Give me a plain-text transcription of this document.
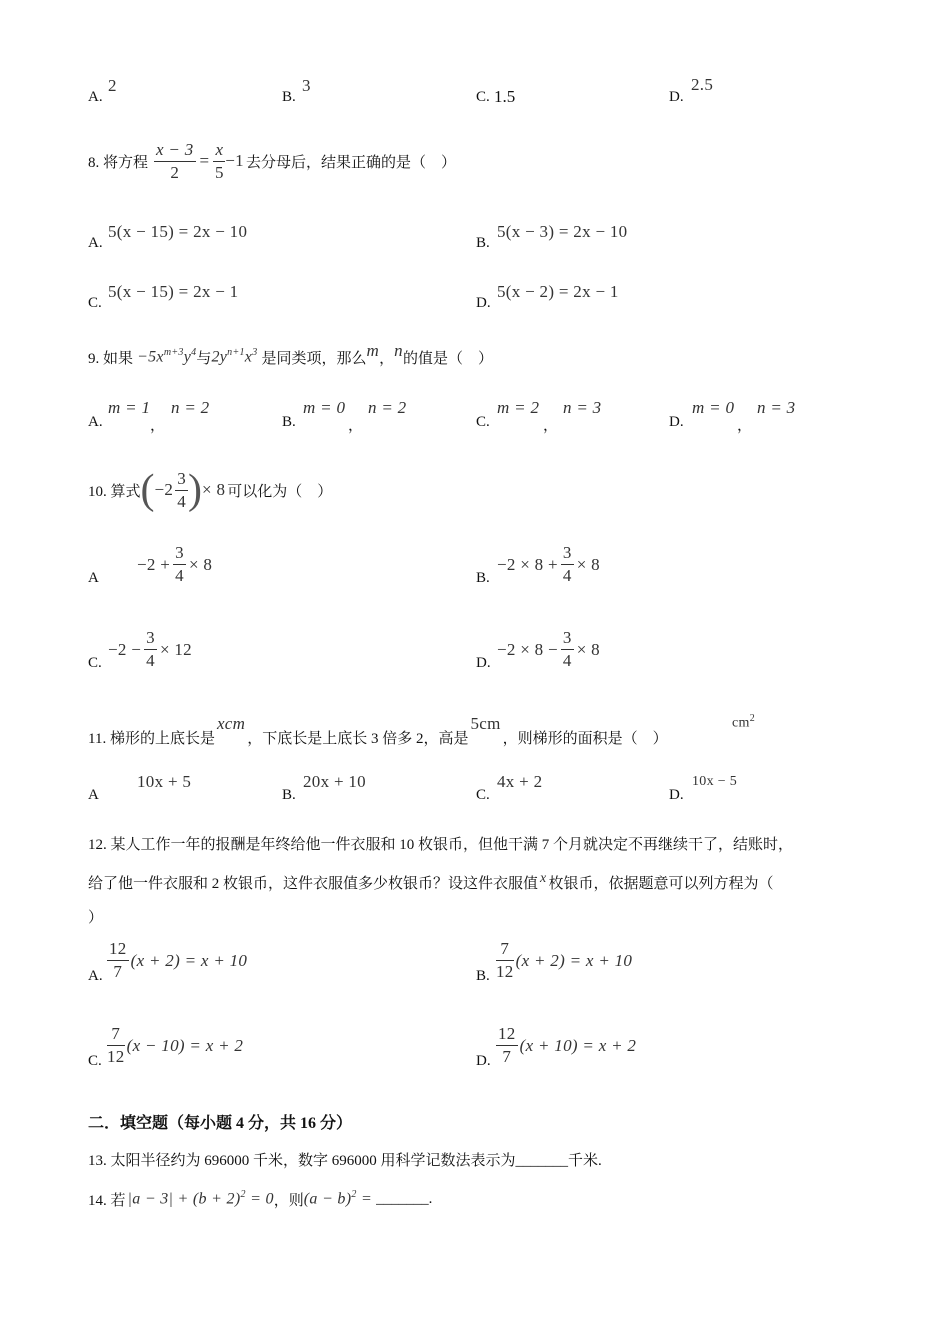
A.
2
B.
3
C. 1.5	D.
2.5
8. 将方程 $\frac{x - 3}{2} = \frac{x}{5} -1$ 去分母后，结果正确的是（　）
A.
5(x − 15) = 2x − 10
B.
5(x − 3) = 2x − 10
C.
5(x − 15) = 2x − 1
D.
5(x − 2) = 2x − 1
9. 如果 $-5x^{m+3}y^4$ 与 $2y^{n+1}x^3$ 是同类项，那么 m ， n 的值是（　）
A.
m = 1
，
n = 2
B.
m = 0
，
n = 2
C.
m = 2
，
n = 3
D.
m = 0
，
n = 3
10. 算式 ( $-2 \frac{3}{4}$ ) × 8 可以化为（　）
A
$-2 + \frac{3}{4} \times 8$
B.
$-2 \times 8 + \frac{3}{4} \times 8$
C.
$-2 - \frac{3}{4} \times 12$
D.
$-2 \times 8 - \frac{3}{4} \times 8$
11. 梯形的上底长是
xcm
，下底长是上底长 3 倍多 2，高是
5cm
，则梯形的面积是（　）
$cm^2$
A
10x + 5
B.
20x + 10
C.
4x + 2
D.
10x − 5
12. 某人工作一年的报酬是年终给他一件衣服和 10 枚银币，但他干满 7 个月就决定不再继续干了，结账时，
给了他一件衣服和 2 枚银币，这件衣服值多少枚银币？设这件衣服值 x 枚银币，依据题意可以列方程为（
）
A. $\frac{12}{7} (x + 2) = x + 10$
B. $\frac{7}{12} (x + 2) = x + 10$
C. $\frac{7}{12} (x - 10) = x + 2$
D. $\frac{12}{7} (x + 10) = x + 2$
二．填空题（每小题 4 分，共 16 分）
13. 太阳半径约为 696000 千米，数字 696000 用科学记数法表示为_______千米.
14. 若 $|a - 3| + (b + 2)^2 = 0$ ，则 $(a - b)^2$ = _______.
